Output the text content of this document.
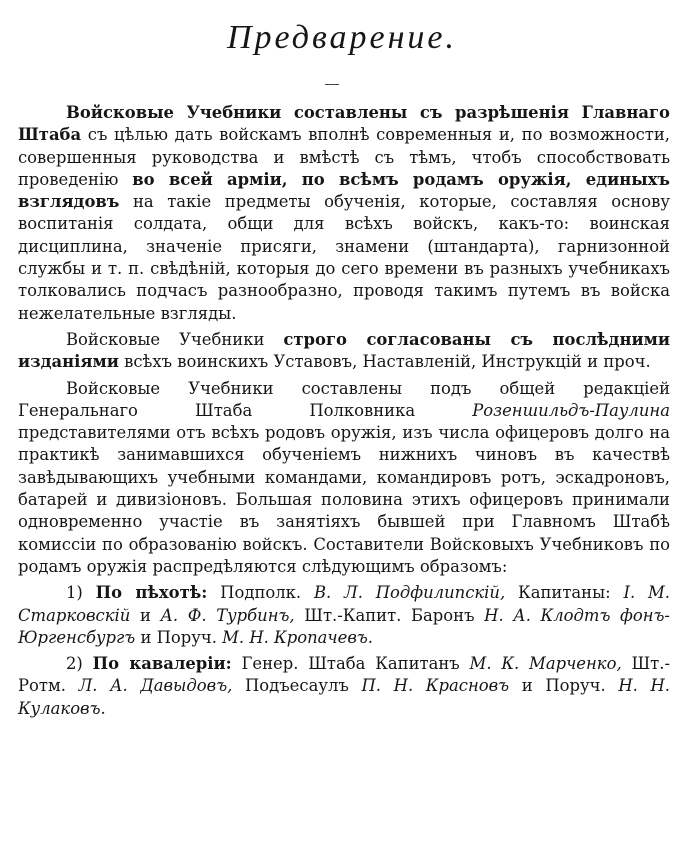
Предварение.

Войсковые Учебники составлены съ разрѣшенія Главнаго Штаба съ цѣлью дать войскамъ вполнѣ современныя и, по возможности, совершенныя руководства и вмѣстѣ съ тѣмъ, чтобъ способствовать проведенію во всей арміи, по всѣмъ родамъ оружія, единыхъ взглядовъ на такіе предметы обученія, которые, составляя основу воспитанія солдата, общи для всѣхъ войскъ, какъ-то: воинская дисциплина, значеніе присяги, знамени (штандарта), гарнизонной службы и т. п. свѣдѣній, которыя до сего времени въ разныхъ учебникахъ толковались подчасъ разнообразно, проводя такимъ путемъ въ войска нежелательные взгляды.

Войсковые Учебники строго согласованы съ послѣдними изданіями всѣхъ воинскихъ Уставовъ, Наставленій, Инструкцій и проч.

Войсковые Учебники составлены подъ общей редакціей Генеральнаго Штаба Полковника Розеншильдъ-Паулина представителями отъ всѣхъ родовъ оружія, изъ числа офицеровъ долго на практикѣ занимавшихся обученіемъ нижнихъ чиновъ въ качествѣ завѣдывающихъ учебными командами, командировъ ротъ, эскадроновъ, батарей и дивизіоновъ. Большая половина этихъ офицеровъ принимали одновременно участіе въ занятіяхъ бывшей при Главномъ Штабѣ комиссіи по образованію войскъ. Составители Войсковыхъ Учебниковъ по родамъ оружія распредѣляются слѣдующимъ образомъ:

1) По пѣхотѣ: Подполк. В. Л. Подфилипскій, Капитаны: I. М. Старковскій и А. Ф. Турбинъ, Шт.-Капит. Баронъ Н. А. Клодтъ фонъ-Юргенсбургъ и Поруч. М. Н. Кропачевъ.

2) По кавалеріи: Генер. Штаба Капитанъ М. К. Марченко, Шт.-Ротм. Л. А. Давыдовъ, Подъесаулъ П. Н. Красновъ и Поруч. Н. Н. Кулаковъ.
